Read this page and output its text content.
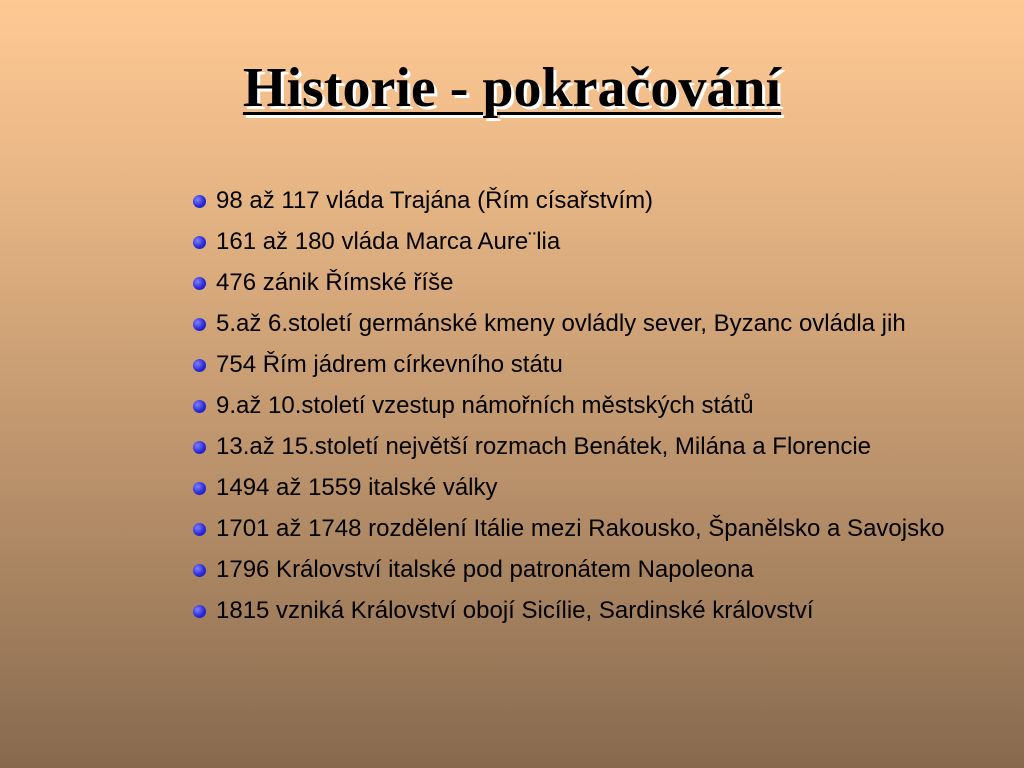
Historie - pokračování
98 až 117 vláda Trajána (Řím císařstvím)
161 až 180 vláda Marca Aure¨lia
476 zánik Římské říše
5.až 6.století germánské kmeny ovládly sever, Byzanc ovládla jih
754 Řím jádrem církevního státu
9.až 10.století vzestup námořních městských států
13.až 15.století největší rozmach Benátek, Milána a Florencie
1494 až 1559 italské války
1701 až 1748 rozdělení Itálie mezi Rakousko, Španělsko a Savojsko
1796 Království italské pod patronátem Napoleona
1815 vzniká Království obojí Sicílie, Sardinské království
